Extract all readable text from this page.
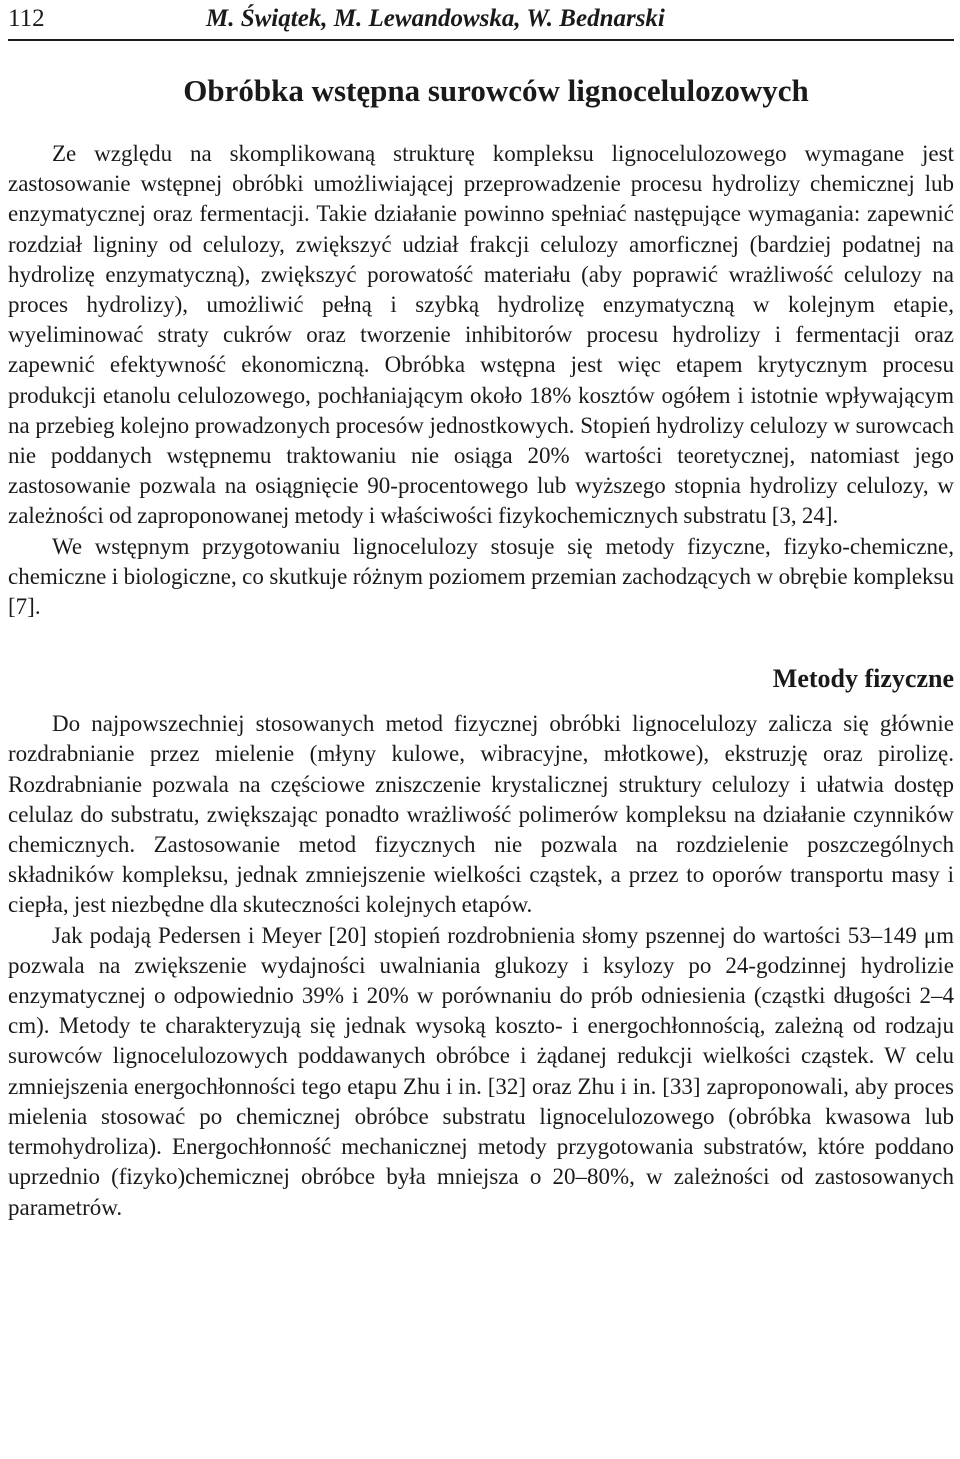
112	M. Świątek, M. Lewandowska, W. Bednarski
Obróbka wstępna surowców lignocelulozowych

Ze względu na skomplikowaną strukturę kompleksu lignocelulozowego wymagane jest zastosowanie wstępnej obróbki umożliwiającej przeprowadzenie procesu hydrolizy chemicznej lub enzymatycznej oraz fermentacji. Takie działanie powinno spełniać następujące wymagania: zapewnić rozdział ligniny od celulozy, zwiększyć udział frakcji celulozy amorficznej (bardziej podatnej na hydrolizę enzymatyczną), zwiększyć porowatość materiału (aby poprawić wrażliwość celulozy na proces hydrolizy), umożliwić pełną i szybką hydrolizę enzymatyczną w kolejnym etapie, wyeliminować straty cukrów oraz tworzenie inhibitorów procesu hydrolizy i fermentacji oraz zapewnić efektywność ekonomiczną. Obróbka wstępna jest więc etapem krytycznym procesu produkcji etanolu celulozowego, pochłaniającym około 18% kosztów ogółem i istotnie wpływającym na przebieg kolejno prowadzonych procesów jednostkowych. Stopień hydrolizy celulozy w surowcach nie poddanych wstępnemu traktowaniu nie osiąga 20% wartości teoretycznej, natomiast jego zastosowanie pozwala na osiągnięcie 90-procentowego lub wyższego stopnia hydrolizy celulozy, w zależności od zaproponowanej metody i właściwości fizykochemicznych substratu [3, 24].

We wstępnym przygotowaniu lignocelulozy stosuje się metody fizyczne, fizyko-chemiczne, chemiczne i biologiczne, co skutkuje różnym poziomem przemian zachodzących w obrębie kompleksu [7].

Metody fizyczne

Do najpowszechniej stosowanych metod fizycznej obróbki lignocelulozy zalicza się głównie rozdrabnianie przez mielenie (młyny kulowe, wibracyjne, młotkowe), ekstruzję oraz pirolizę. Rozdrabnianie pozwala na częściowe zniszczenie krystalicznej struktury celulozy i ułatwia dostęp celulaz do substratu, zwiększając ponadto wrażliwość polimerów kompleksu na działanie czynników chemicznych. Zastosowanie metod fizycznych nie pozwala na rozdzielenie poszczególnych składników kompleksu, jednak zmniejszenie wielkości cząstek, a przez to oporów transportu masy i ciepła, jest niezbędne dla skuteczności kolejnych etapów.

Jak podają Pedersen i Meyer [20] stopień rozdrobnienia słomy pszennej do wartości 53–149 μm pozwala na zwiększenie wydajności uwalniania glukozy i ksylozy po 24-godzinnej hydrolizie enzymatycznej o odpowiednio 39% i 20% w porównaniu do prób odniesienia (cząstki długości 2–4 cm). Metody te charakteryzują się jednak wysoką koszto- i energochłonnością, zależną od rodzaju surowców lignocelulozowych poddawanych obróbce i żądanej redukcji wielkości cząstek. W celu zmniejszenia energochłonności tego etapu Zhu i in. [32] oraz Zhu i in. [33] zaproponowali, aby proces mielenia stosować po chemicznej obróbce substratu lignocelulozowego (obróbka kwasowa lub termohydroliza). Energochłonność mechanicznej metody przygotowania substratów, które poddano uprzednio (fizyko)chemicznej obróbce była mniejsza o 20–80%, w zależności od zastosowanych parametrów.
